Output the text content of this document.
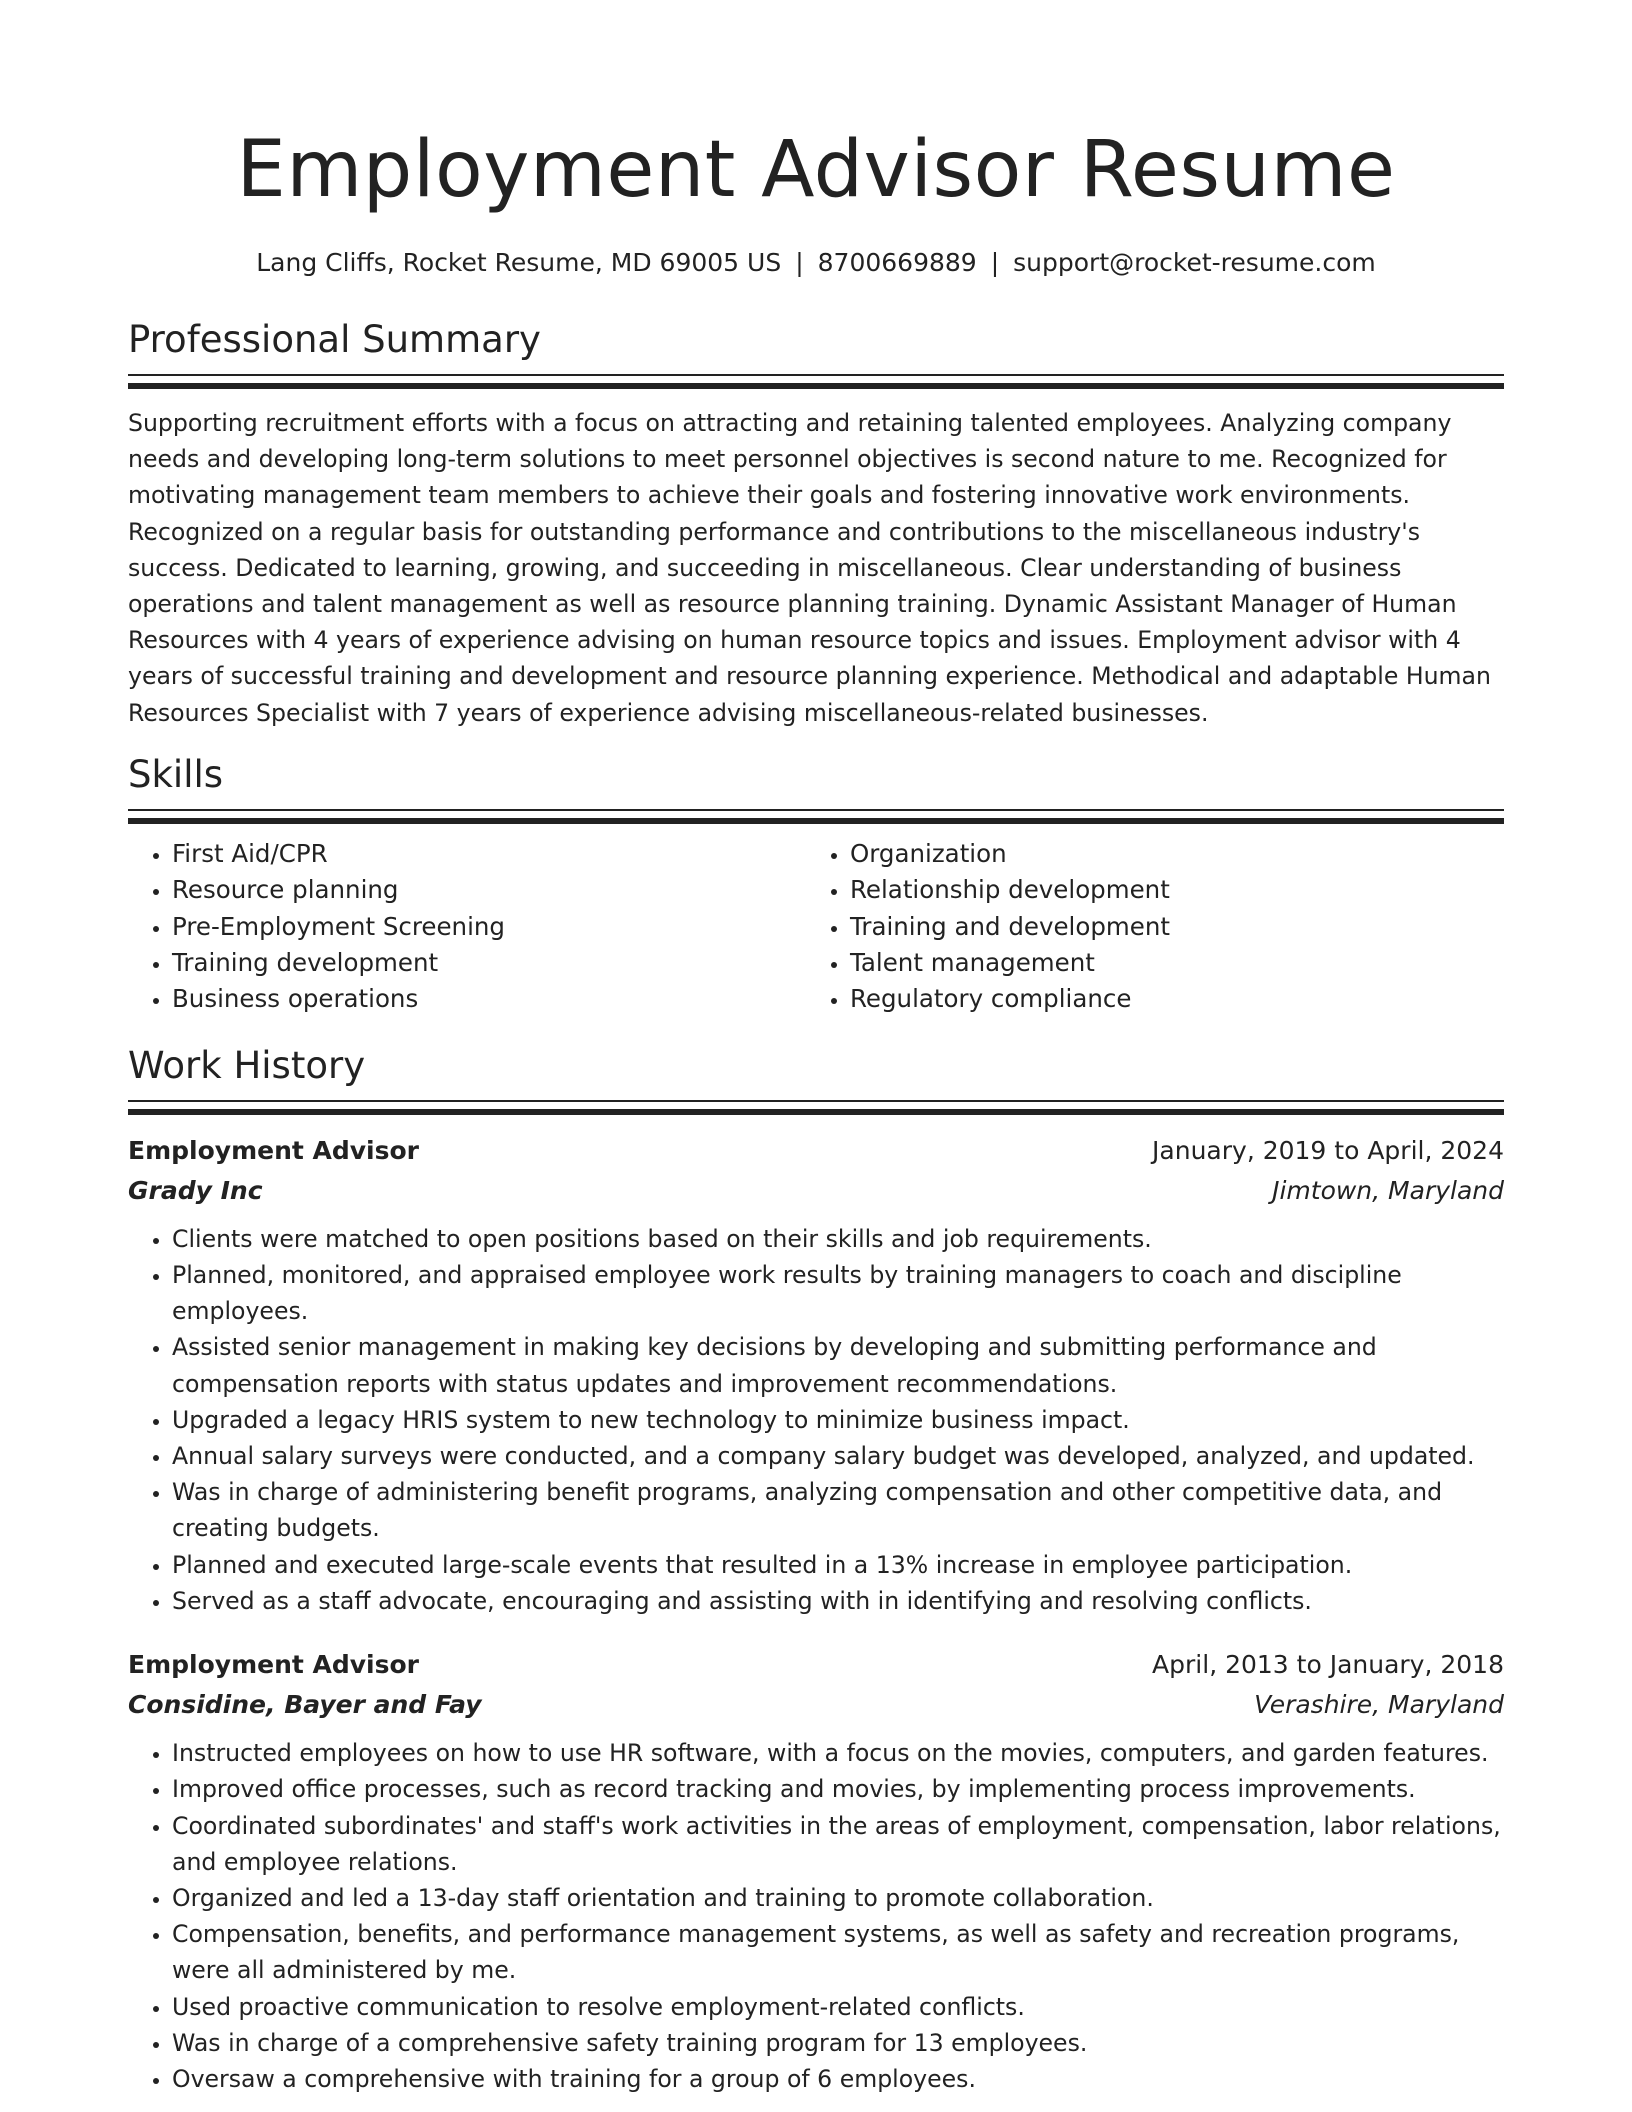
Employment Advisor Resume
Lang Cliffs, Rocket Resume, MD 69005 US | 8700669889 | support@rocket-resume.com
Professional Summary

Supporting recruitment efforts with a focus on attracting and retaining talented employees. Analyzing company needs and developing long-term solutions to meet personnel objectives is second nature to me. Recognized for motivating management team members to achieve their goals and fostering innovative work environments. Recognized on a regular basis for outstanding performance and contributions to the miscellaneous industry's success. Dedicated to learning, growing, and succeeding in miscellaneous. Clear understanding of business operations and talent management as well as resource planning training. Dynamic Assistant Manager of Human Resources with 4 years of experience advising on human resource topics and issues. Employment advisor with 4 years of successful training and development and resource planning experience. Methodical and adaptable Human Resources Specialist with 7 years of experience advising miscellaneous-related businesses.

Skills
• First Aid/CPR
• Resource planning
• Pre-Employment Screening
• Training development
• Business operations
• Organization
• Relationship development
• Training and development
• Talent management
• Regulatory compliance
Work History
Employment Advisor	January, 2019 to April, 2024
Grady Inc	Jimtown, Maryland
• Clients were matched to open positions based on their skills and job requirements.
• Planned, monitored, and appraised employee work results by training managers to coach and discipline employees.
• Assisted senior management in making key decisions by developing and submitting performance and compensation reports with status updates and improvement recommendations.
• Upgraded a legacy HRIS system to new technology to minimize business impact.
• Annual salary surveys were conducted, and a company salary budget was developed, analyzed, and updated.
• Was in charge of administering benefit programs, analyzing compensation and other competitive data, and creating budgets.
• Planned and executed large-scale events that resulted in a 13% increase in employee participation.
• Served as a staff advocate, encouraging and assisting with in identifying and resolving conflicts.
Employment Advisor	April, 2013 to January, 2018
Considine, Bayer and Fay	Verashire, Maryland
• Instructed employees on how to use HR software, with a focus on the movies, computers, and garden features.
• Improved office processes, such as record tracking and movies, by implementing process improvements.
• Coordinated subordinates' and staff's work activities in the areas of employment, compensation, labor relations, and employee relations.
• Organized and led a 13-day staff orientation and training to promote collaboration.
• Compensation, benefits, and performance management systems, as well as safety and recreation programs, were all administered by me.
• Used proactive communication to resolve employment-related conflicts.
• Was in charge of a comprehensive safety training program for 13 employees.
• Oversaw a comprehensive with training for a group of 6 employees.
